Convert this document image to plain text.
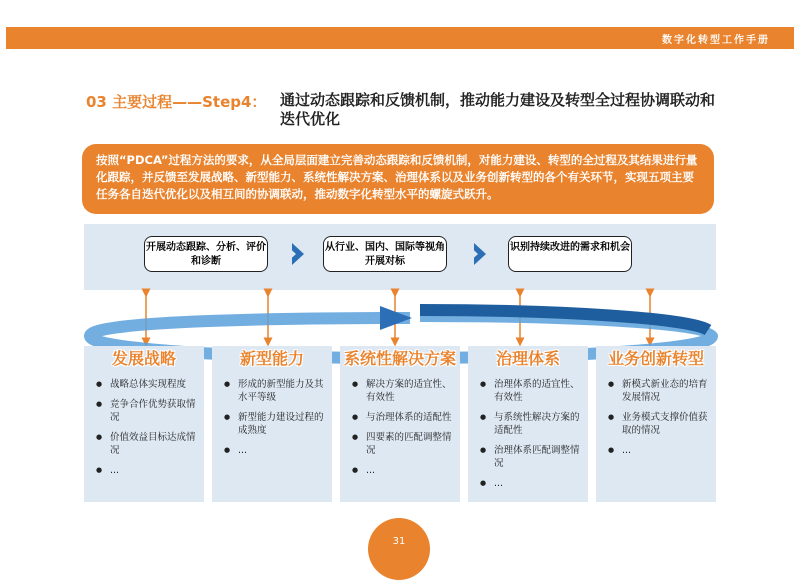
数字化转型工作手册
03 主要过程——Step4： 通过动态跟踪和反馈机制，推动能力建设及转型全过程协调联动和迭代优化
按照“PDCA”过程方法的要求，从全局层面建立完善动态跟踪和反馈机制，对能力建设、转型的全过程及其结果进行量化跟踪，并反馈至发展战略、新型能力、系统性解决方案、治理体系以及业务创新转型的各个有关环节，实现五项主要任务各自迭代优化以及相互间的协调联动，推动数字化转型水平的螺旋式跃升。
开展动态跟踪、分析、评价和诊断
从行业、国内、国际等视角开展对标
识别持续改进的需求和机会
● 战略总体实现程度
● 竞争合作优势获取情况
● 价值效益目标达成情况
● ...
● 形成的新型能力及其水平等级
● 新型能力建设过程的成熟度
● ...
● 解决方案的适宜性、有效性
● 与治理体系的适配性
● 四要素的匹配调整情况
● ...
● 治理体系的适宜性、有效性
● 与系统性解决方案的适配性
● 治理体系匹配调整情况
● ...
● 新模式新业态的培育发展情况
● 业务模式支撑价值获取的情况
● ...
发展战略	新型能力	系统性解决方案	治理体系	业务创新转型
31
